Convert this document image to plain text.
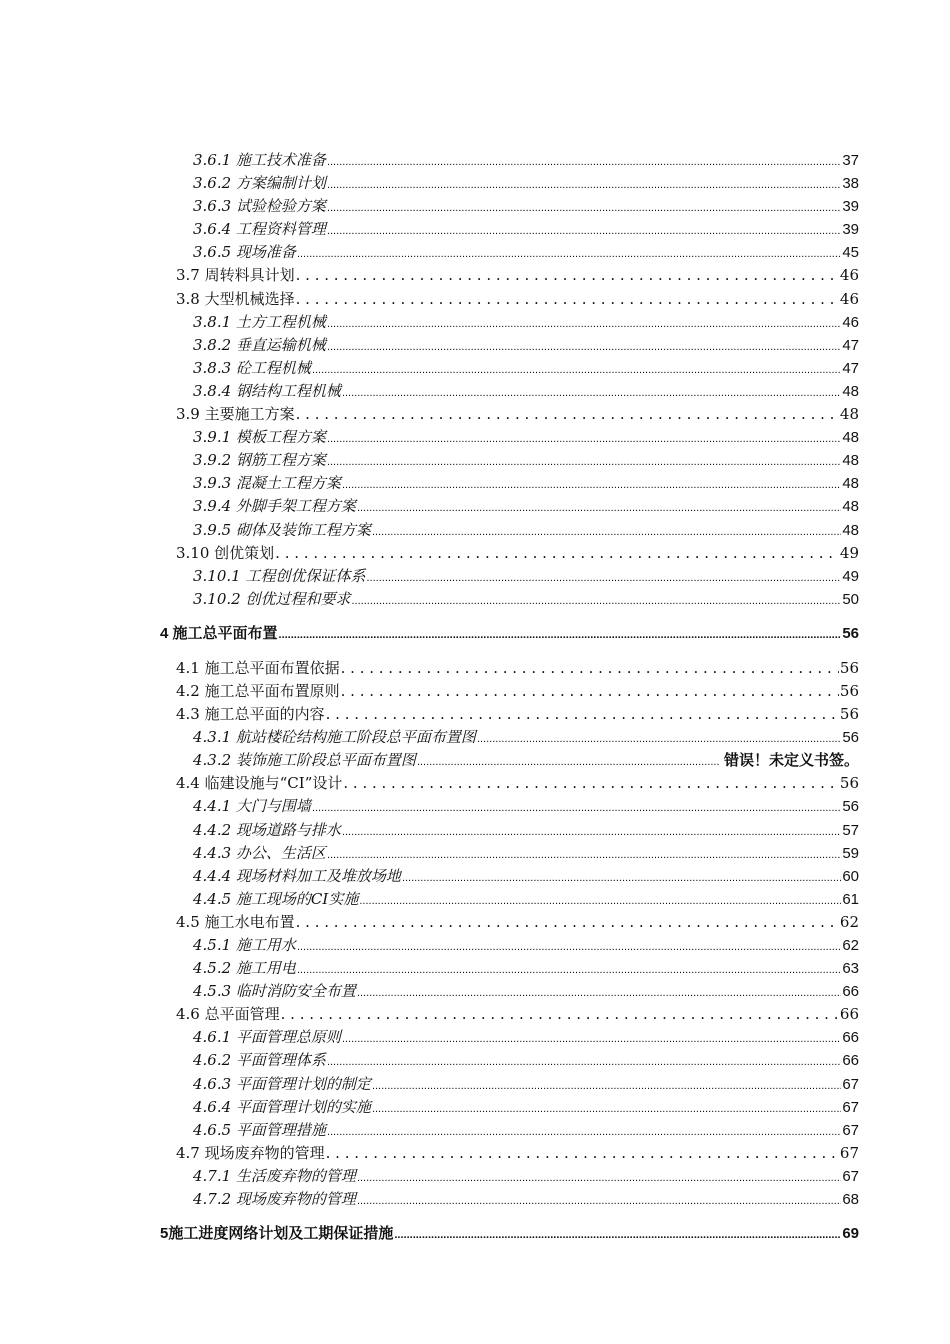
3.6.1 施工技术准备 .....	37
3.6.2 方案编制计划 .....	38
3.6.3 试验检验方案 .....	39
3.6.4 工程资料管理 .....	39
3.6.5 现场准备 .....	45
3.7 周转料具计划 . . .	46
3.8 大型机械选择 . . .	46
3.8.1 土方工程机械 .....	46
3.8.2 垂直运输机械 .....	47
3.8.3 砼工程机械 .....	47
3.8.4 钢结构工程机械 .....	48
3.9 主要施工方案 . . .	48
3.9.1 模板工程方案 .....	48
3.9.2 钢筋工程方案 .....	48
3.9.3 混凝土工程方案 .....	48
3.9.4 外脚手架工程方案 .....	48
3.9.5 砌体及装饰工程方案 .....	48
3.10 创优策划 . . .	49
3.10.1 工程创优保证体系 .....	49
3.10.2 创优过程和要求 .....	50
4 施工总平面布置 .....	56
4.1 施工总平面布置依据 . . .	56
4.2 施工总平面布置原则 . . .	56
4.3 施工总平面的内容 . . .	56
4.3.1 航站楼砼结构施工阶段总平面布置图 .....	56
4.3.2 装饰施工阶段总平面布置图 .....	错误！未定义书签。
4.4 临建设施与“CI”设计 . . .	56
4.4.1 大门与围墙 .....	56
4.4.2 现场道路与排水 .....	57
4.4.3 办公、生活区 .....	59
4.4.4 现场材料加工及堆放场地 .....	60
4.4.5 施工现场的CI实施 .....	61
4.5 施工水电布置 . . .	62
4.5.1 施工用水 .....	62
4.5.2 施工用电 .....	63
4.5.3 临时消防安全布置 .....	66
4.6 总平面管理 . . .	66
4.6.1 平面管理总原则 .....	66
4.6.2 平面管理体系 .....	66
4.6.3 平面管理计划的制定 .....	67
4.6.4 平面管理计划的实施 .....	67
4.6.5 平面管理措施 .....	67
4.7 现场废弃物的管理 . . .	67
4.7.1 生活废弃物的管理 .....	67
4.7.2 现场废弃物的管理 .....	68
5施工进度网络计划及工期保证措施 .....	69
